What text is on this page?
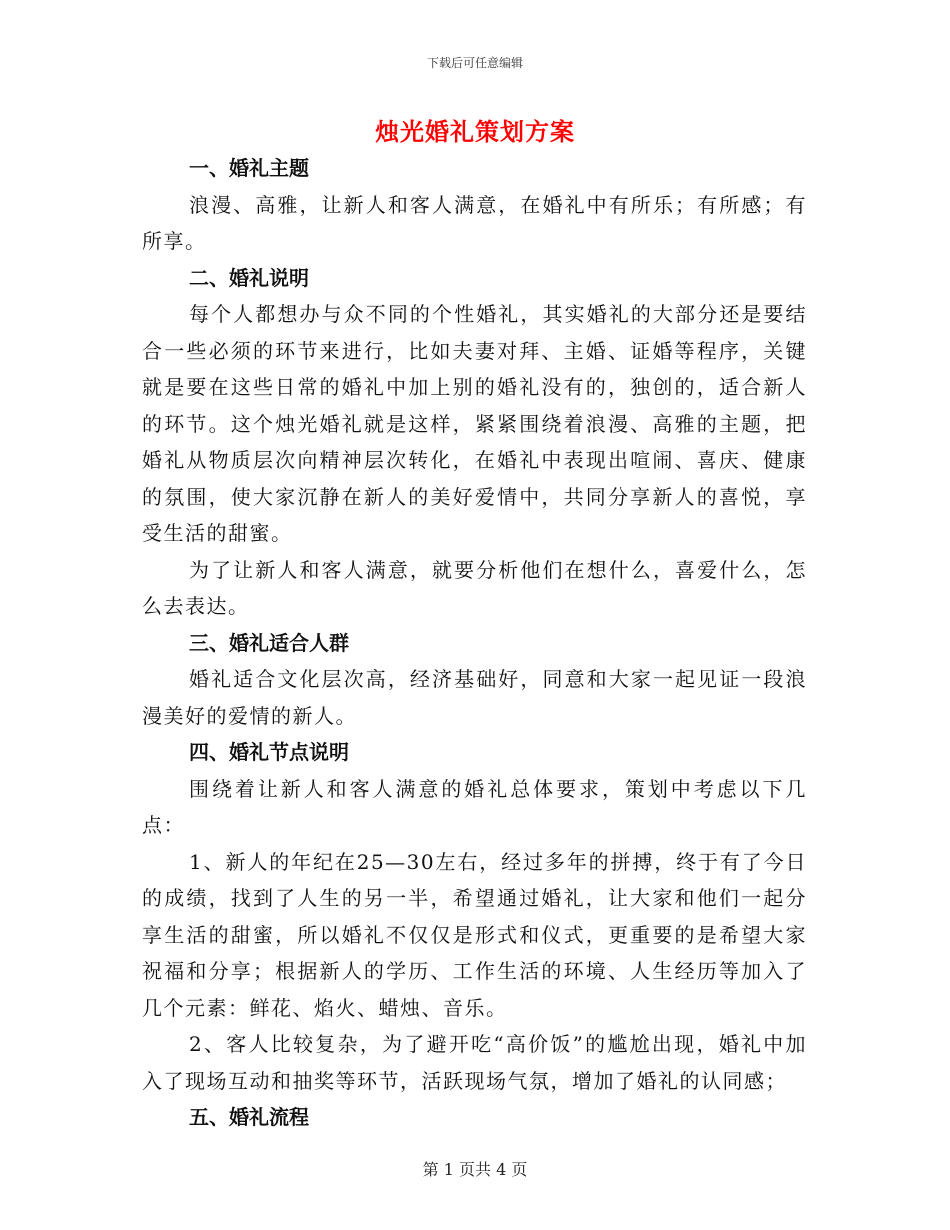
下载后可任意编辑
烛光婚礼策划方案

一、婚礼主题

浪漫、高雅，让新人和客人满意，在婚礼中有所乐；有所感；有所享。

二、婚礼说明

每个人都想办与众不同的个性婚礼，其实婚礼的大部分还是要结合一些必须的环节来进行，比如夫妻对拜、主婚、证婚等程序，关键就是要在这些日常的婚礼中加上别的婚礼没有的，独创的，适合新人的环节。这个烛光婚礼就是这样，紧紧围绕着浪漫、高雅的主题，把婚礼从物质层次向精神层次转化，在婚礼中表现出喧闹、喜庆、健康的氛围，使大家沉静在新人的美好爱情中，共同分享新人的喜悦，享受生活的甜蜜。

为了让新人和客人满意，就要分析他们在想什么，喜爱什么，怎么去表达。

三、婚礼适合人群

婚礼适合文化层次高，经济基础好，同意和大家一起见证一段浪漫美好的爱情的新人。

四、婚礼节点说明

围绕着让新人和客人满意的婚礼总体要求，策划中考虑以下几点：

1、新人的年纪在25—30左右，经过多年的拼搏，终于有了今日的成绩，找到了人生的另一半，希望通过婚礼，让大家和他们一起分享生活的甜蜜，所以婚礼不仅仅是形式和仪式，更重要的是希望大家祝福和分享；根据新人的学历、工作生活的环境、人生经历等加入了几个元素：鲜花、焰火、蜡烛、音乐。

2、客人比较复杂，为了避开吃“高价饭”的尴尬出现，婚礼中加入了现场互动和抽奖等环节，活跃现场气氛，增加了婚礼的认同感；

五、婚礼流程

第 1 页共 4 页
